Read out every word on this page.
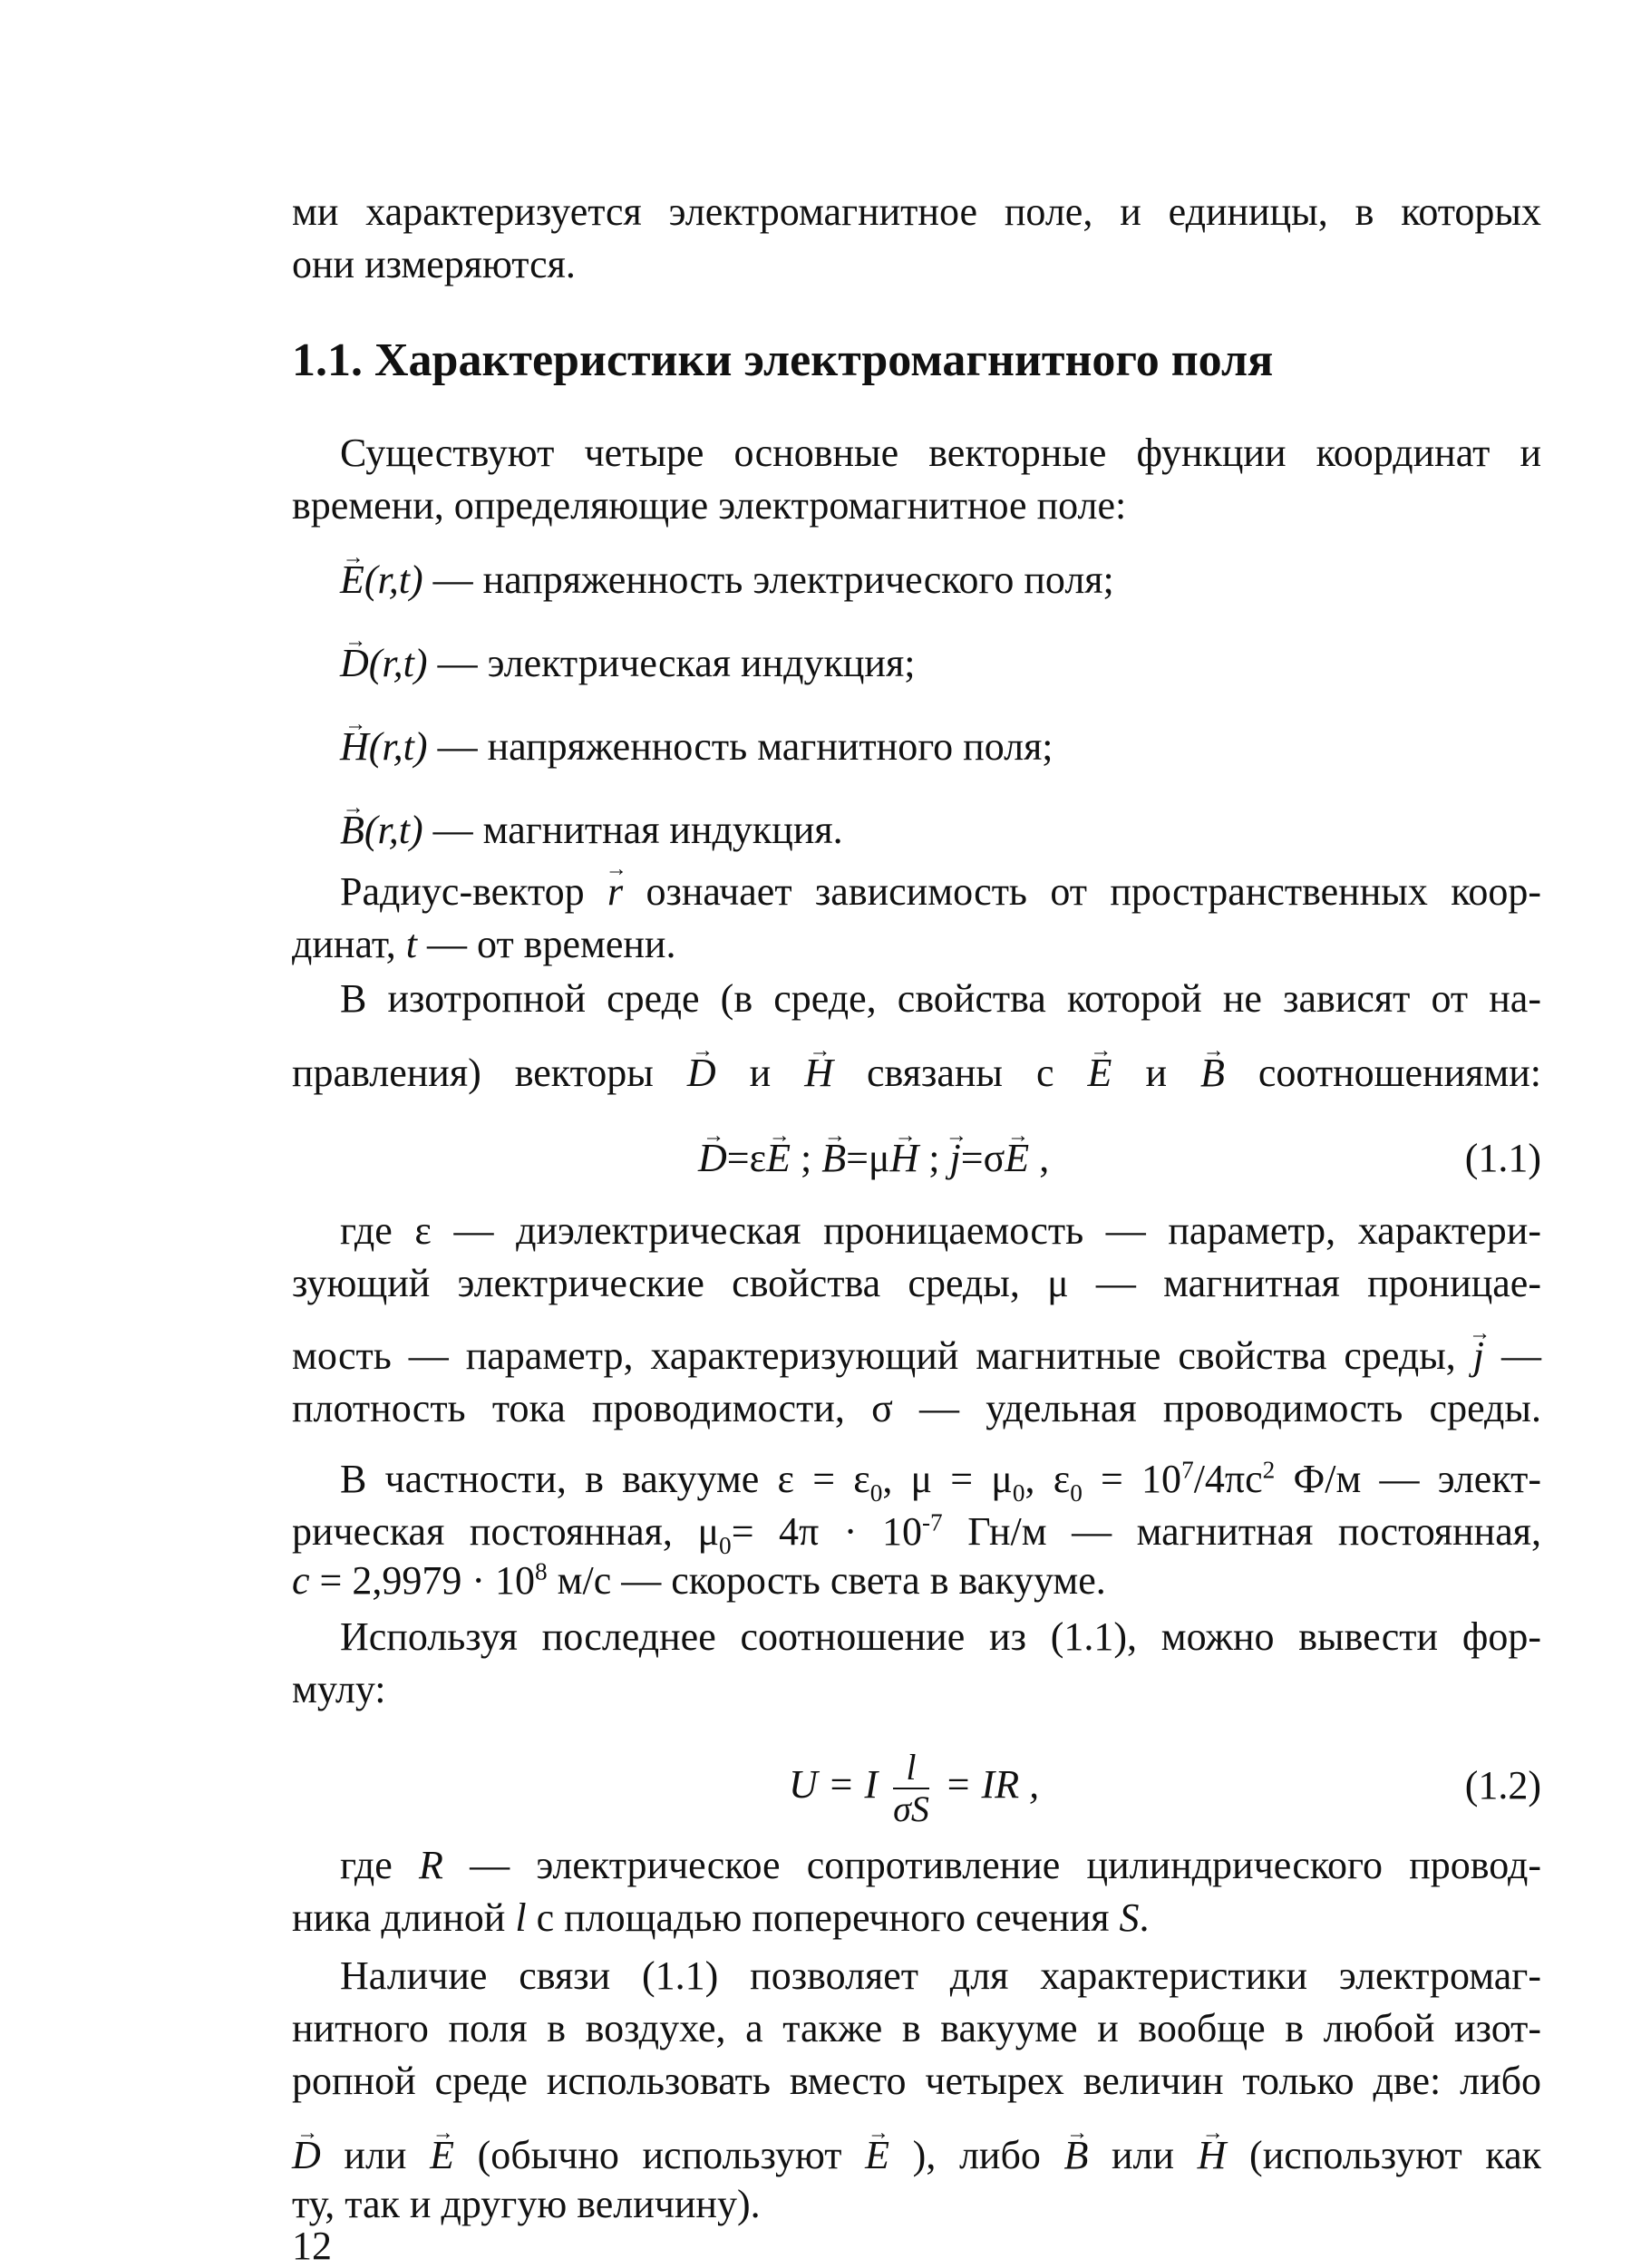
ми характеризуется электромагнитное поле, и единицы, в которых
они измеряются.
1.1. Характеристики электромагнитного поля
Существуют четыре основные векторные функции координат и
времени, определяющие электромагнитное поле:
→ E(r,t) — напряженность электрического поля;
→ D(r,t) — электрическая индукция;
→ H(r,t) — напряженность магнитного поля;
→ B(r,t) — магнитная индукция.
Радиус-вектор → r означает зависимость от пространственных коор-
динат, t — от времени.
В изотропной среде (в среде, свойства которой не зависят от на-
правления) векторы → D и → H связаны с → E и → B соотношениями:
→ D=ε→ E ; → B=μ→ H ; → j=σ→ E ,	(1.1)
где ε — диэлектрическая проницаемость — параметр, характери-
зующий электрические свойства среды, μ — магнитная проницае-
мость — параметр, характеризующий магнитные свойства среды, → j —
плотность тока проводимости, σ — удельная проводимость среды.
В частности, в вакууме $\varepsilon = \varepsilon_0$, $\mu = \mu_0$, $\varepsilon_0 = 10^7/4\pi c^2$ Ф/м — элект-
рическая постоянная, $\mu_0= 4\pi \cdot 10^{-7}$ Гн/м — магнитная постоянная,
$c = 2,9979 \cdot 10^8$ м/с — скорость света в вакууме.
Используя последнее соотношение из (1.1), можно вывести фор-
мулу:
U = I $\frac{l}{\sigma S}$ = IR ,	(1.2)
где R — электрическое сопротивление цилиндрического провод-
ника длиной l с площадью поперечного сечения S.
Наличие связи (1.1) позволяет для характеристики электромаг-
нитного поля в воздухе, а также в вакууме и вообще в любой изот-
ропной среде использовать вместо четырех величин только две: либо
→ D или → E (обычно используют → E ), либо → B или → H (используют как
ту, так и другую величину).
12
